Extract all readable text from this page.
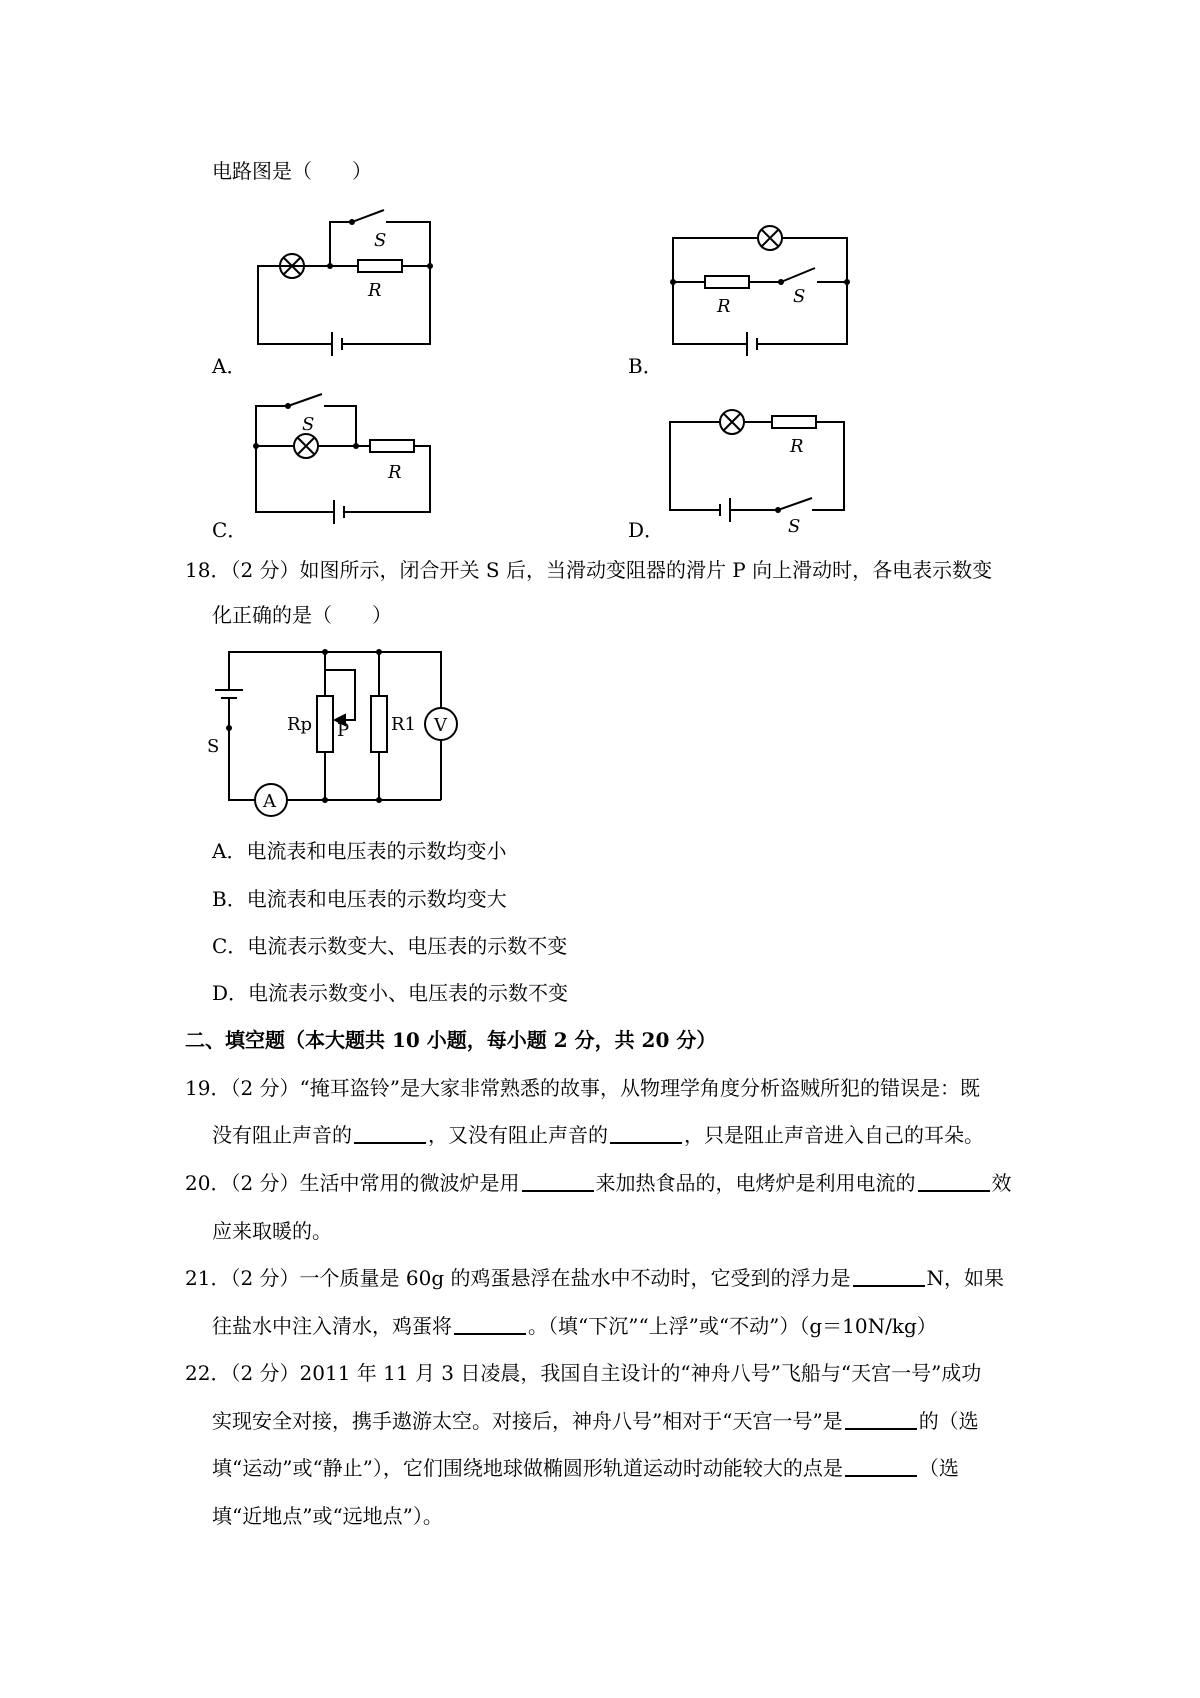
电路图是（　　）
A．
S
R
B．
R	S
C．
S
R
D．
R
S
18．（2 分）如图所示，闭合开关 S 后，当滑动变阻器的滑片 P 向上滑动时，各电表示数变
化正确的是（　　）
A
V
Rp P R1
S
A．电流表和电压表的示数均变小
B．电流表和电压表的示数均变大
C．电流表示数变大、电压表的示数不变
D．电流表示数变小、电压表的示数不变
二、填空题（本大题共 10 小题，每小题 2 分，共 20 分）
19．（2 分）“掩耳盗铃”是大家非常熟悉的故事，从物理学角度分析盗贼所犯的错误是：既
没有阻止声音的	，又没有阻止声音的	，只是阻止声音进入自己的耳朵。
20．（2 分）生活中常用的微波炉是用	来加热食品的，电烤炉是利用电流的	效
应来取暖的。
21．（2 分）一个质量是 60g 的鸡蛋悬浮在盐水中不动时，它受到的浮力是	N，如果
往盐水中注入清水，鸡蛋将	。（填“下沉”“上浮”或“不动”）（g＝10N/kg）
22．（2 分）2011 年 11 月 3 日凌晨，我国自主设计的“神舟八号”飞船与“天宫一号”成功
实现安全对接，携手遨游太空。对接后，神舟八号”相对于“天宫一号”是	的（选
填“运动”或“静止”），它们围绕地球做椭圆形轨道运动时动能较大的点是	（选
填“近地点”或“远地点”）。
